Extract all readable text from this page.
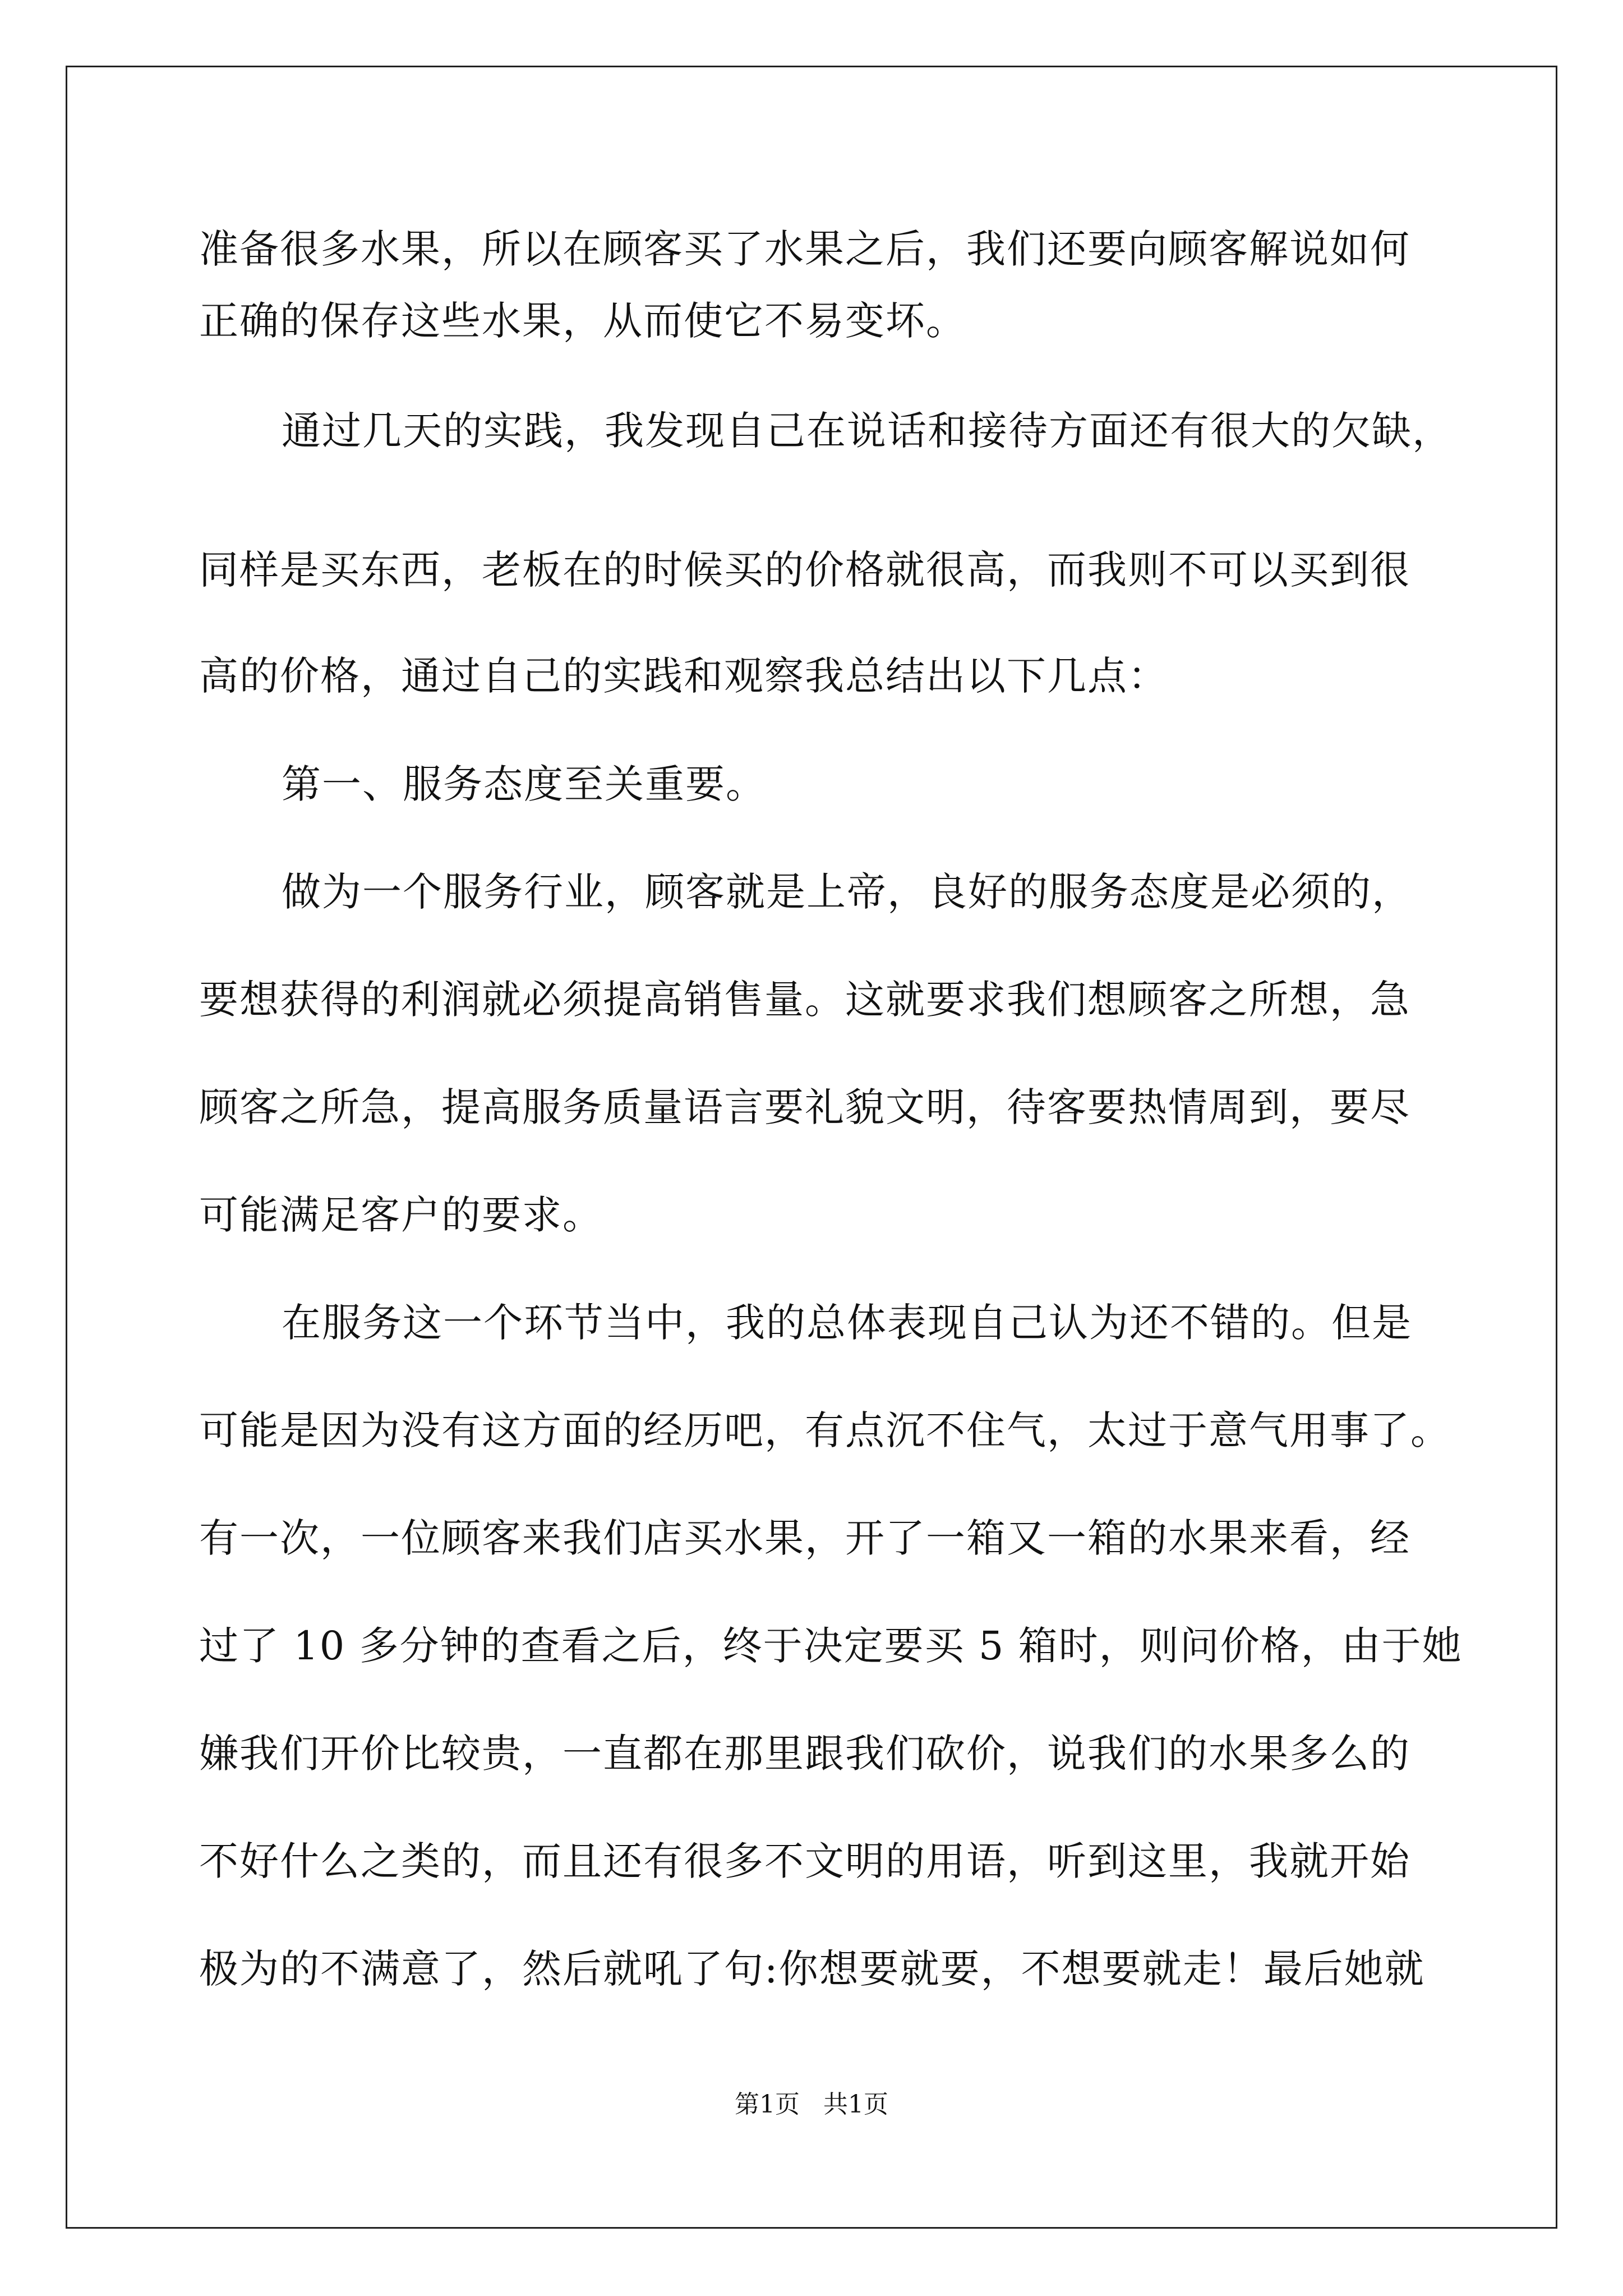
准备很多水果，所以在顾客买了水果之后，我们还要向顾客解说如何
正确的保存这些水果，从而使它不易变坏。
通过几天的实践，我发现自己在说话和接待方面还有很大的欠缺，
同样是买东西，老板在的时候买的价格就很高，而我则不可以买到很
高的价格，通过自己的实践和观察我总结出以下几点：
第一、服务态度至关重要。
做为一个服务行业，顾客就是上帝，良好的服务态度是必须的，
要想获得的利润就必须提高销售量。这就要求我们想顾客之所想，急
顾客之所急，提高服务质量语言要礼貌文明，待客要热情周到，要尽
可能满足客户的要求。
在服务这一个环节当中，我的总体表现自己认为还不错的。但是
可能是因为没有这方面的经历吧，有点沉不住气，太过于意气用事了。
有一次，一位顾客来我们店买水果，开了一箱又一箱的水果来看，经
过了 10 多分钟的查看之后，终于决定要买 5 箱时，则问价格，由于她
嫌我们开价比较贵，一直都在那里跟我们砍价，说我们的水果多么的
不好什么之类的，而且还有很多不文明的用语，听到这里，我就开始
极为的不满意了，然后就吼了句:你想要就要，不想要就走！最后她就
第1页   共1页
